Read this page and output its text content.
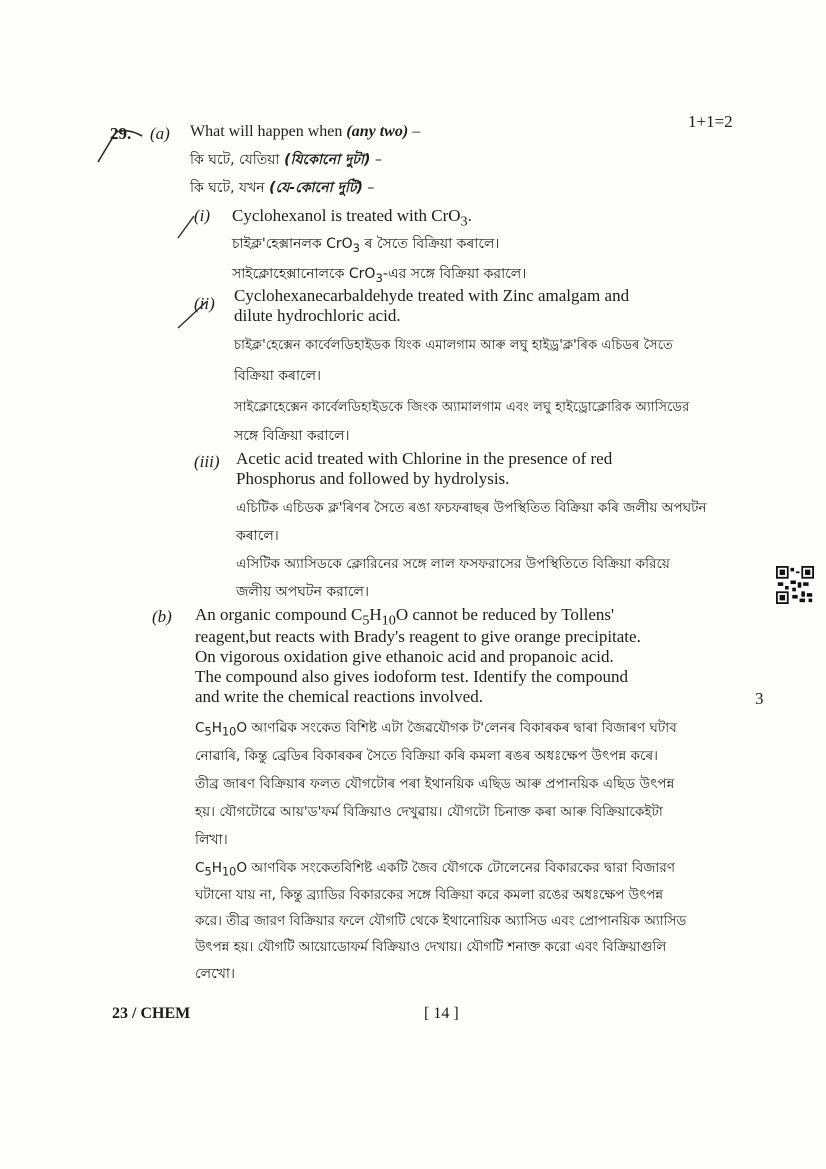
1+1=2
29. (a) What will happen when (any two) –
কি ঘটে, যেতিয়া (যিকোনো দুটা) –
কি ঘটে, যখন (যে-কোনো দুটি) –
(i) Cyclohexanol is treated with CrO$_3$.
চাইক্ল'হেক্সানলক CrO$_3$ ৰ সৈতে বিক্ৰিয়া কৰালে।
সাইক্লোহেক্সানোলকে CrO$_3$-এর সঙ্গে বিক্রিয়া করালে।
(ii) Cyclohexanecarbaldehyde treated with Zinc amalgam and
dilute hydrochloric acid.
চাইক্ল'হেক্সেন কাৰ্বেলডিহাইডক যিংক এমালগাম আৰু লঘু হাইড্ৰ'ক্ল'ৰিক এচিডৰ সৈতে
বিক্ৰিয়া কৰালে।
সাইক্লোহেক্সেন কার্বেলডিহাইডকে জিংক অ্যামালগাম এবং লঘু হাইড্রোক্লোরিক অ্যাসিডের
সঙ্গে বিক্রিয়া করালে।
(iii) Acetic acid treated with Chlorine in the presence of red
Phosphorus and followed by hydrolysis.
এচিটিক এচিডক ক্ল'ৰিণৰ সৈতে ৰঙা ফচফৰাছৰ উপস্থিতিত বিক্ৰিয়া কৰি জলীয় অপঘটন
কৰালে।
এসিটিক অ্যাসিডকে ক্লোরিনের সঙ্গে লাল ফসফরাসের উপস্থিতিতে বিক্রিয়া করিয়ে
জলীয় অপঘটন করালে।
(b) An organic compound $C_5H_{10}O$ cannot be reduced by Tollens'
reagent,but reacts with Brady's reagent to give orange precipitate.
On vigorous oxidation give ethanoic acid and propanoic acid.
The compound also gives iodoform test. Identify the compound
and write the chemical reactions involved.	3
$C_5H_{10}O$ আণৱিক সংকেত বিশিষ্ট এটা জৈৱযৌগক ট'লেনৰ বিকাৰকৰ দ্বাৰা বিজাৰণ ঘটাব
নোৱাৰি, কিন্তু ব্ৰেডিৰ বিকাৰকৰ সৈতে বিক্ৰিয়া কৰি কমলা ৰঙৰ অধঃক্ষেপ উৎপন্ন কৰে।
তীব্ৰ জাৰণ বিক্ৰিয়াৰ ফলত যৌগটোৰ পৰা ইথানয়িক এছিড আৰু প্ৰপানয়িক এছিড উৎপন্ন
হয়। যৌগটোৱে আয়'ড'ফৰ্ম বিক্ৰিয়াও দেখুৱায়। যৌগটো চিনাক্ত কৰা আৰু বিক্ৰিয়াকেইটা
লিখা।
$C_5H_{10}O$ আণবিক সংকেতবিশিষ্ট একটি জৈব যৌগকে টোলেনের বিকারকের দ্বারা বিজারণ
ঘটানো যায় না, কিন্তু ব্র্যাডির বিকারকের সঙ্গে বিক্রিয়া করে কমলা রঙের অধঃক্ষেপ উৎপন্ন
করে। তীব্র জারণ বিক্রিয়ার ফলে যৌগটি থেকে ইথানোয়িক অ্যাসিড এবং প্রোপানয়িক অ্যাসিড
উৎপন্ন হয়। যৌগটি আয়োডোফর্ম বিক্রিয়াও দেখায়। যৌগটি শনাক্ত করো এবং বিক্রিয়াগুলি
লেখো।
23 / CHEM	[ 14 ]
